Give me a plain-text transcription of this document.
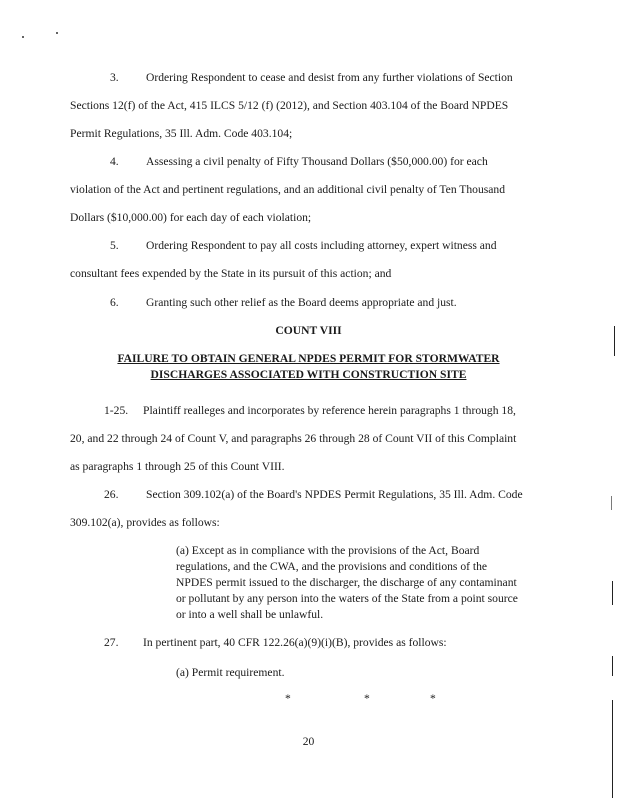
3. Ordering Respondent to cease and desist from any further violations of Section
Sections 12(f) of the Act, 415 ILCS 5/12 (f) (2012), and Section 403.104 of the Board NPDES
Permit Regulations, 35 Ill. Adm. Code 403.104;
4. Assessing a civil penalty of Fifty Thousand Dollars ($50,000.00) for each
violation of the Act and pertinent regulations, and an additional civil penalty of Ten Thousand
Dollars ($10,000.00) for each day of each violation;
5. Ordering Respondent to pay all costs including attorney, expert witness and
consultant fees expended by the State in its pursuit of this action; and
6. Granting such other relief as the Board deems appropriate and just.
COUNT VIII
FAILURE TO OBTAIN GENERAL NPDES PERMIT FOR STORMWATER
DISCHARGES ASSOCIATED WITH CONSTRUCTION SITE
1-25. Plaintiff realleges and incorporates by reference herein paragraphs 1 through 18,
20, and 22 through 24 of Count V, and paragraphs 26 through 28 of Count VII of this Complaint
as paragraphs 1 through 25 of this Count VIII.
26. Section 309.102(a) of the Board's NPDES Permit Regulations, 35 Ill. Adm. Code
309.102(a), provides as follows:
(a) Except as in compliance with the provisions of the Act, Board
regulations, and the CWA, and the provisions and conditions of the
NPDES permit issued to the discharger, the discharge of any contaminant
or pollutant by any person into the waters of the State from a point source
or into a well shall be unlawful.
27. In pertinent part, 40 CFR 122.26(a)(9)(i)(B), provides as follows:
(a) Permit requirement.
*	*	*
20
